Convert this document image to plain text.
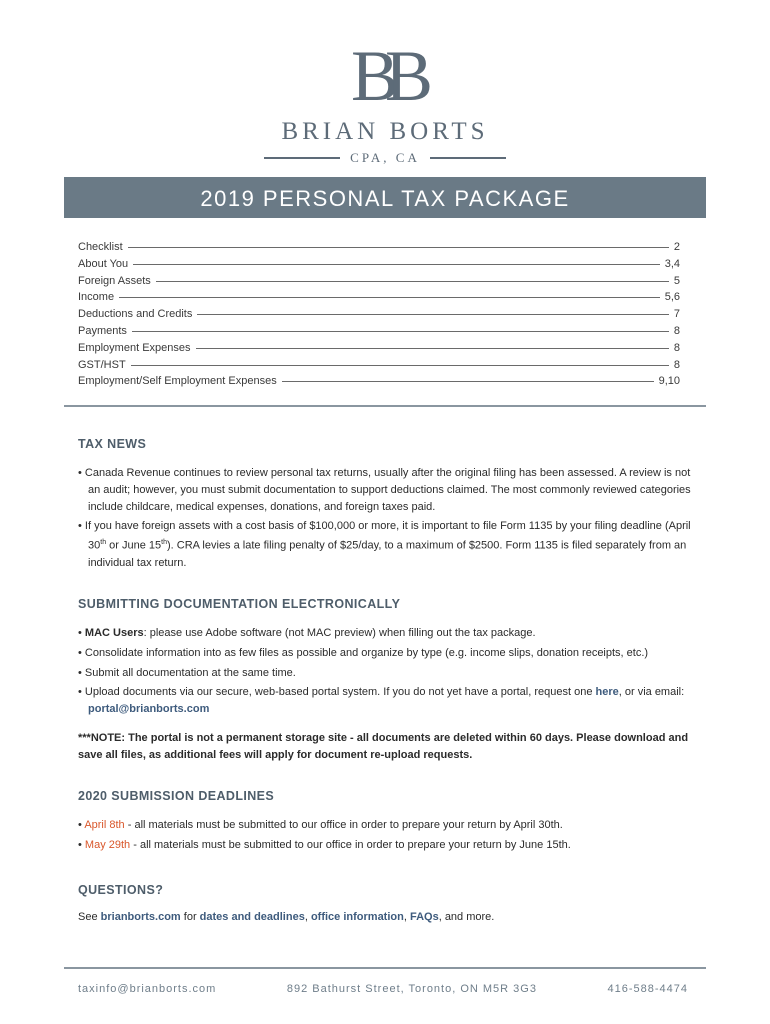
BB
BRIAN BORTS
CPA, CA
2019 PERSONAL TAX PACKAGE
Checklist	2
About You	3,4
Foreign Assets	5
Income	5,6
Deductions and Credits	7
Payments	8
Employment Expenses	8
GST/HST	8
Employment/Self Employment Expenses	9,10
TAX NEWS
• Canada Revenue continues to review personal tax returns, usually after the original filing has been assessed. A review is not an audit; however, you must submit documentation to support deductions claimed. The most commonly reviewed categories include childcare, medical expenses, donations, and foreign taxes paid.
• If you have foreign assets with a cost basis of $100,000 or more, it is important to file Form 1135 by your filing deadline (April 30th or June 15th). CRA levies a late filing penalty of $25/day, to a maximum of $2500. Form 1135 is filed separately from an individual tax return.
SUBMITTING DOCUMENTATION ELECTRONICALLY
• MAC Users: please use Adobe software (not MAC preview) when filling out the tax package.
• Consolidate information into as few files as possible and organize by type (e.g. income slips, donation receipts, etc.)
• Submit all documentation at the same time.
• Upload documents via our secure, web-based portal system. If you do not yet have a portal, request one here, or via email: portal@brianborts.com
***NOTE: The portal is not a permanent storage site - all documents are deleted within 60 days. Please download and save all files, as additional fees will apply for document re-upload requests.
2020 SUBMISSION DEADLINES
• April 8th - all materials must be submitted to our office in order to prepare your return by April 30th.
• May 29th - all materials must be submitted to our office in order to prepare your return by June 15th.
QUESTIONS?
See brianborts.com for dates and deadlines, office information, FAQs, and more.
taxinfo@brianborts.com	892 Bathurst Street, Toronto, ON M5R 3G3	416-588-4474
